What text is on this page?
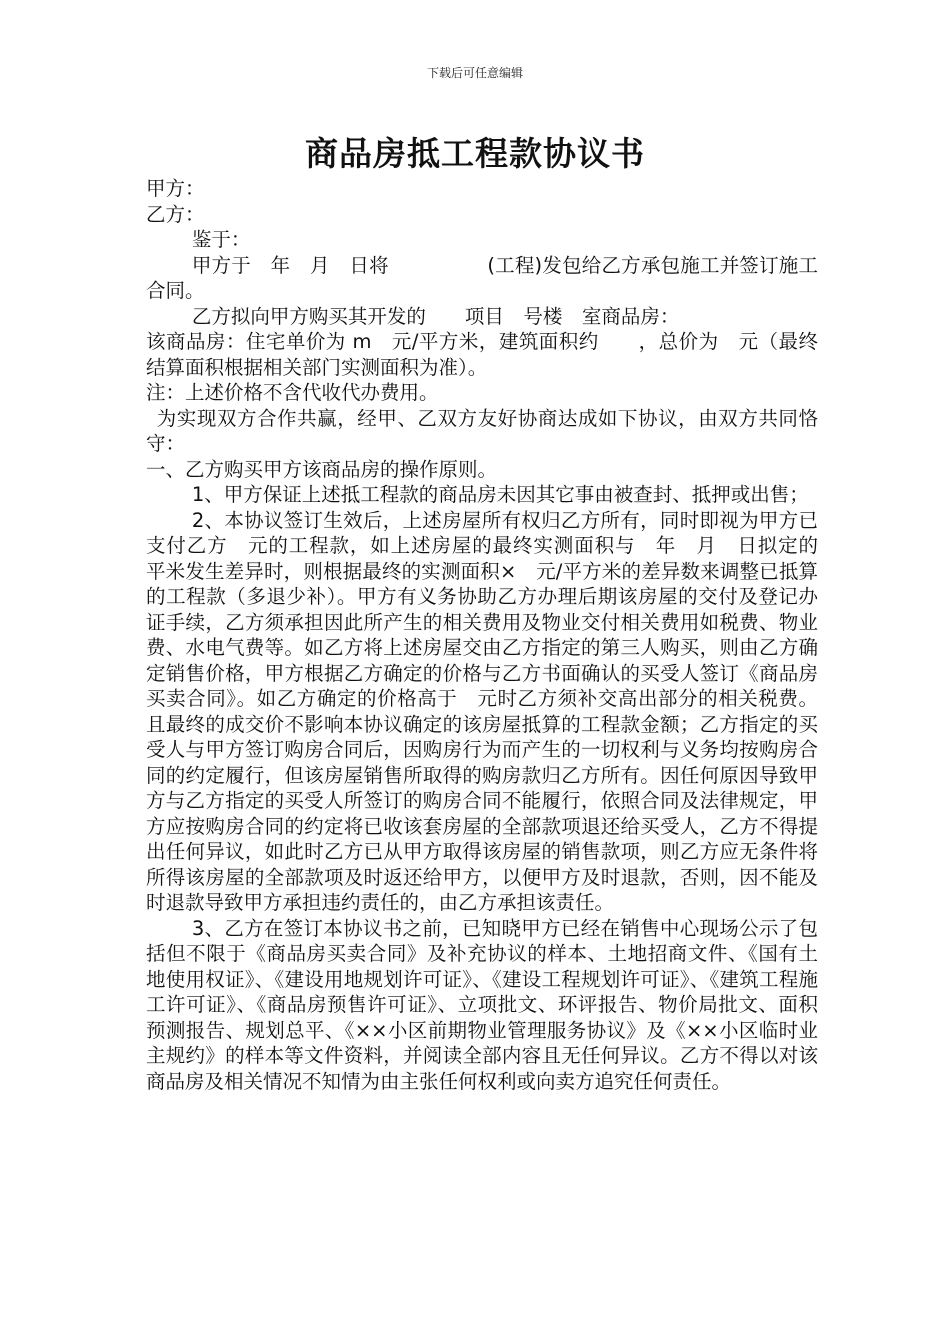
下载后可任意编辑
商品房抵工程款协议书

甲方：

乙方：

鉴于：

甲方于　年　月　日将　　　　　(工程)发包给乙方承包施工并签订施工合同。

乙方拟向甲方购买其开发的　　项目　号楼　室商品房：

该商品房：住宅单价为 m　元/平方米，建筑面积约　　，总价为　元（最终结算面积根据相关部门实测面积为准）。

注：上述价格不含代收代办费用。

为实现双方合作共赢，经甲、乙双方友好协商达成如下协议，由双方共同恪守：

一、乙方购买甲方该商品房的操作原则。

1、甲方保证上述抵工程款的商品房未因其它事由被查封、抵押或出售；

2、本协议签订生效后，上述房屋所有权归乙方所有，同时即视为甲方已支付乙方　元的工程款，如上述房屋的最终实测面积与　年　月　日拟定的　平米发生差异时，则根据最终的实测面积×　元/平方米的差异数来调整已抵算的工程款（多退少补）。甲方有义务协助乙方办理后期该房屋的交付及登记办证手续，乙方须承担因此所产生的相关费用及物业交付相关费用如税费、物业费、水电气费等。如乙方将上述房屋交由乙方指定的第三人购买，则由乙方确定销售价格，甲方根据乙方确定的价格与乙方书面确认的买受人签订《商品房买卖合同》。如乙方确定的价格高于　元时乙方须补交高出部分的相关税费。且最终的成交价不影响本协议确定的该房屋抵算的工程款金额；乙方指定的买受人与甲方签订购房合同后，因购房行为而产生的一切权利与义务均按购房合同的约定履行，但该房屋销售所取得的购房款归乙方所有。因任何原因导致甲方与乙方指定的买受人所签订的购房合同不能履行，依照合同及法律规定，甲方应按购房合同的约定将已收该套房屋的全部款项退还给买受人，乙方不得提出任何异议，如此时乙方已从甲方取得该房屋的销售款项，则乙方应无条件将所得该房屋的全部款项及时返还给甲方，以便甲方及时退款，否则，因不能及时退款导致甲方承担违约责任的，由乙方承担该责任。

3、乙方在签订本协议书之前，已知晓甲方已经在销售中心现场公示了包括但不限于《商品房买卖合同》及补充协议的样本、土地招商文件、《国有土地使用权证》、《建设用地规划许可证》、《建设工程规划许可证》、《建筑工程施工许可证》、《商品房预售许可证》、立项批文、环评报告、物价局批文、面积预测报告、规划总平、《××小区前期物业管理服务协议》及《××小区临时业主规约》的样本等文件资料，并阅读全部内容且无任何异议。乙方不得以对该商品房及相关情况不知情为由主张任何权利或向卖方追究任何责任。
